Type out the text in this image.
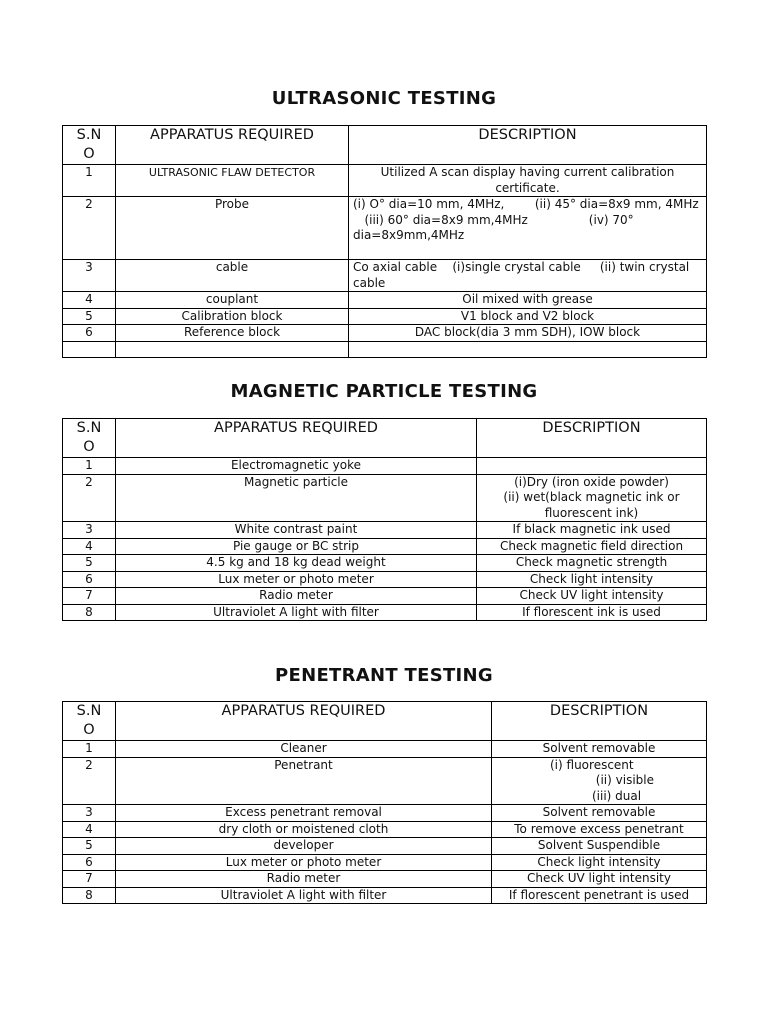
ULTRASONIC TESTING
S.N
O	APPARATUS REQUIRED	DESCRIPTION
1	ULTRASONIC FLAW DETECTOR	Utilized A scan display having current calibration certificate.
2	Probe	(i) O° dia=10 mm, 4MHz,        (ii) 45° dia=8x9 mm, 4MHz
(iii) 60° dia=8x9 mm,4MHz                (iv) 70° dia=8x9mm,4MHz
3	cable	Co axial cable    (i)single crystal cable     (ii) twin crystal cable
4	couplant	Oil mixed with grease
5	Calibration block	V1 block and V2 block
6	Reference block	DAC block(dia 3 mm SDH), IOW block

MAGNETIC PARTICLE TESTING
S.N
O	APPARATUS REQUIRED	DESCRIPTION
1	Electromagnetic yoke	
2	Magnetic particle	(i)Dry (iron oxide powder)
(ii) wet(black magnetic ink or fluorescent ink)
3	White contrast paint	If black magnetic ink used
4	Pie gauge or BC strip	Check magnetic field direction
5	4.5 kg and 18 kg dead weight	Check magnetic strength
6	Lux meter or photo meter	Check light intensity
7	Radio meter	Check UV light intensity
8	Ultraviolet A light with filter	If florescent ink is used
PENETRANT TESTING
S.N
O	APPARATUS REQUIRED	DESCRIPTION
1	Cleaner	Solvent removable
2	Penetrant	(i) fluorescent
(ii) visible
(iii) dual
3	Excess penetrant removal	Solvent removable
4	dry cloth or moistened cloth	To remove excess penetrant
5	developer	Solvent Suspendible
6	Lux meter or photo meter	Check light intensity
7	Radio meter	Check UV light intensity
8	Ultraviolet A light with filter	If florescent penetrant is used
